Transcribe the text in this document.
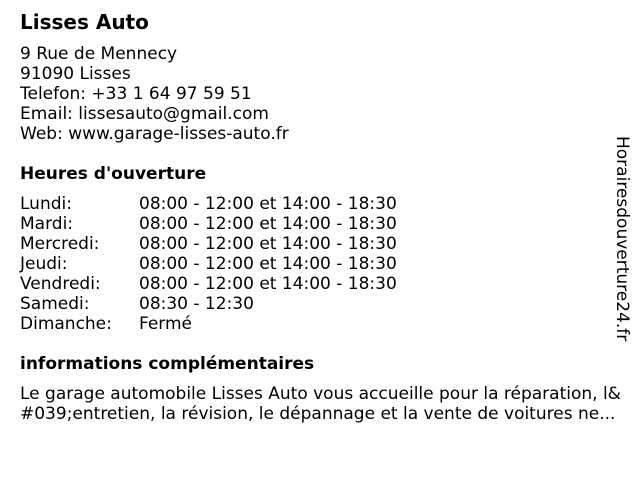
Lisses Auto
9 Rue de Mennecy
91090 Lisses
Telefon: +33 1 64 97 59 51
Email: lissesauto@gmail.com
Web: www.garage-lisses-auto.fr
Heures d'ouverture
Lundi:	08:00 - 12:00 et 14:00 - 18:30
Mardi:	08:00 - 12:00 et 14:00 - 18:30
Mercredi:	08:00 - 12:00 et 14:00 - 18:30
Jeudi:	08:00 - 12:00 et 14:00 - 18:30
Vendredi:	08:00 - 12:00 et 14:00 - 18:30
Samedi:	08:30 - 12:30
Dimanche:	Fermé
informations complémentaires
Le garage automobile Lisses Auto vous accueille pour la réparation, l&
#039;entretien, la révision, le dépannage et la vente de voitures ne...
Horairesdouverture24.fr
